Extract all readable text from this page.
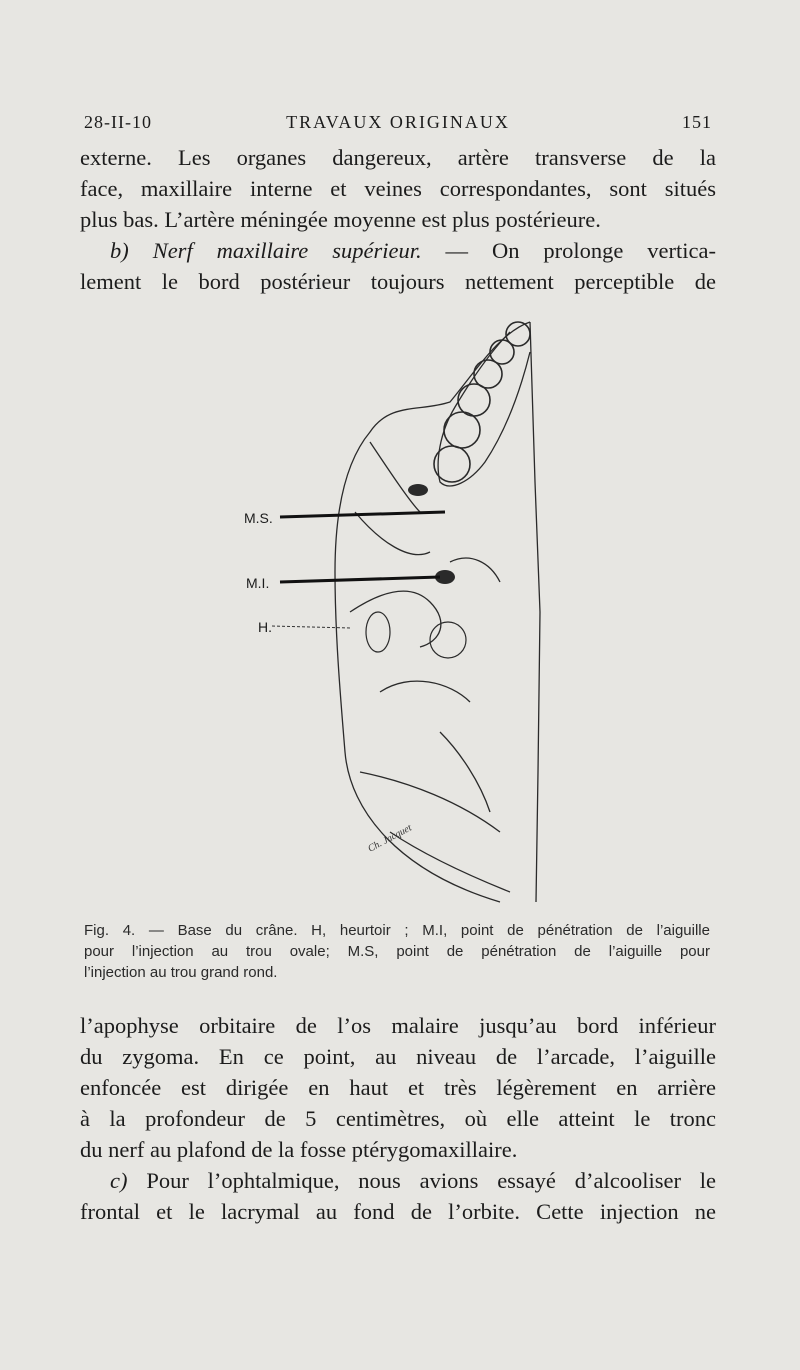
28-II-10	TRAVAUX ORIGINAUX	151
externe. Les organes dangereux, artère transverse de la
face, maxillaire interne et veines correspondantes, sont situés
plus bas. L’artère méningée moyenne est plus postérieure.
b) Nerf maxillaire supérieur. — On prolonge vertica-
lement le bord postérieur toujours nettement perceptible de
M.S.
M.I.
H.
Ch. Jacquet
Fig. 4. — Base du crâne. H, heurtoir ; M.I, point de pénétration de l’aiguille
pour l’injection au trou ovale; M.S, point de pénétration de l’aiguille pour
l’injection au trou grand rond.
l’apophyse orbitaire de l’os malaire jusqu’au bord inférieur
du zygoma. En ce point, au niveau de l’arcade, l’aiguille
enfoncée est dirigée en haut et très légèrement en arrière
à la profondeur de 5 centimètres, où elle atteint le tronc
du nerf au plafond de la fosse ptérygomaxillaire.
c) Pour l’ophtalmique, nous avions essayé d’alcooliser le
frontal et le lacrymal au fond de l’orbite. Cette injection ne
